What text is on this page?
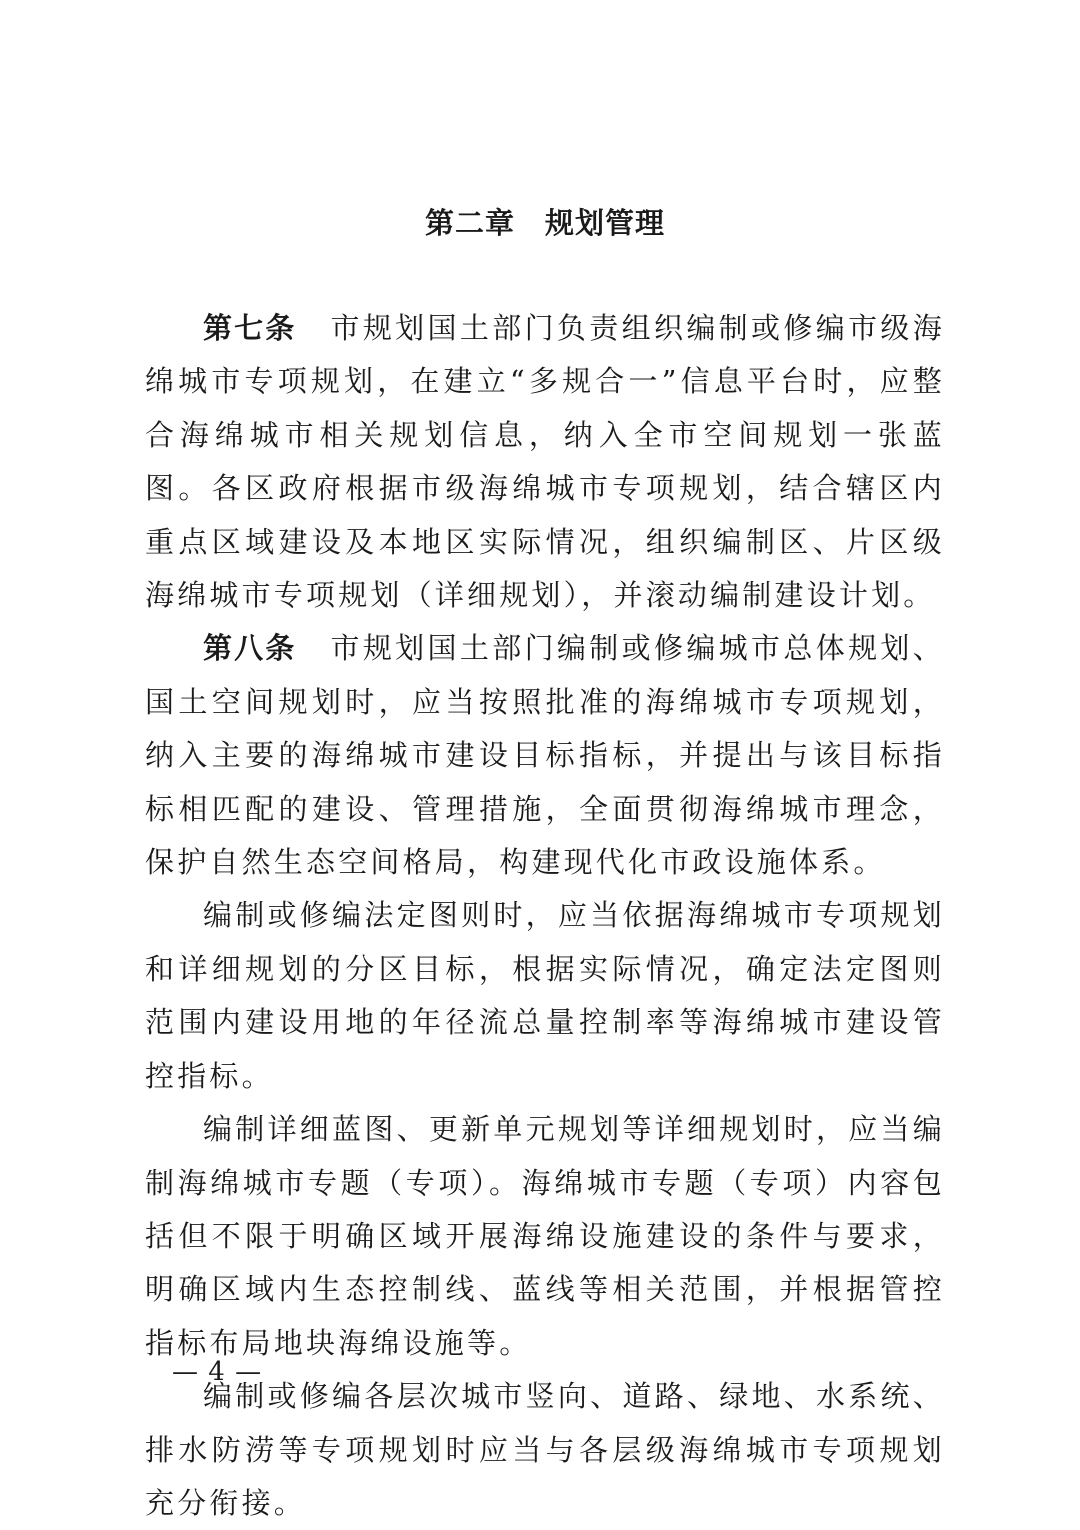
第二章　规划管理

第七条 市规划国土部门负责组织编制或修编市级海绵城市专项规划，在建立“多规合一”信息平台时，应整合海绵城市相关规划信息，纳入全市空间规划一张蓝图。各区政府根据市级海绵城市专项规划，结合辖区内重点区域建设及本地区实际情况，组织编制区、片区级海绵城市专项规划（详细规划），并滚动编制建设计划。

第八条 市规划国土部门编制或修编城市总体规划、国土空间规划时，应当按照批准的海绵城市专项规划，纳入主要的海绵城市建设目标指标，并提出与该目标指标相匹配的建设、管理措施，全面贯彻海绵城市理念，保护自然生态空间格局，构建现代化市政设施体系。

编制或修编法定图则时，应当依据海绵城市专项规划和详细规划的分区目标，根据实际情况，确定法定图则范围内建设用地的年径流总量控制率等海绵城市建设管控指标。

编制详细蓝图、更新单元规划等详细规划时，应当编制海绵城市专题（专项）。海绵城市专题（专项）内容包括但不限于明确区域开展海绵设施建设的条件与要求，明确区域内生态控制线、蓝线等相关范围，并根据管控指标布局地块海绵设施等。

编制或修编各层次城市竖向、道路、绿地、水系统、排水防涝等专项规划时应当与各层级海绵城市专项规划充分衔接。

— 4 —
